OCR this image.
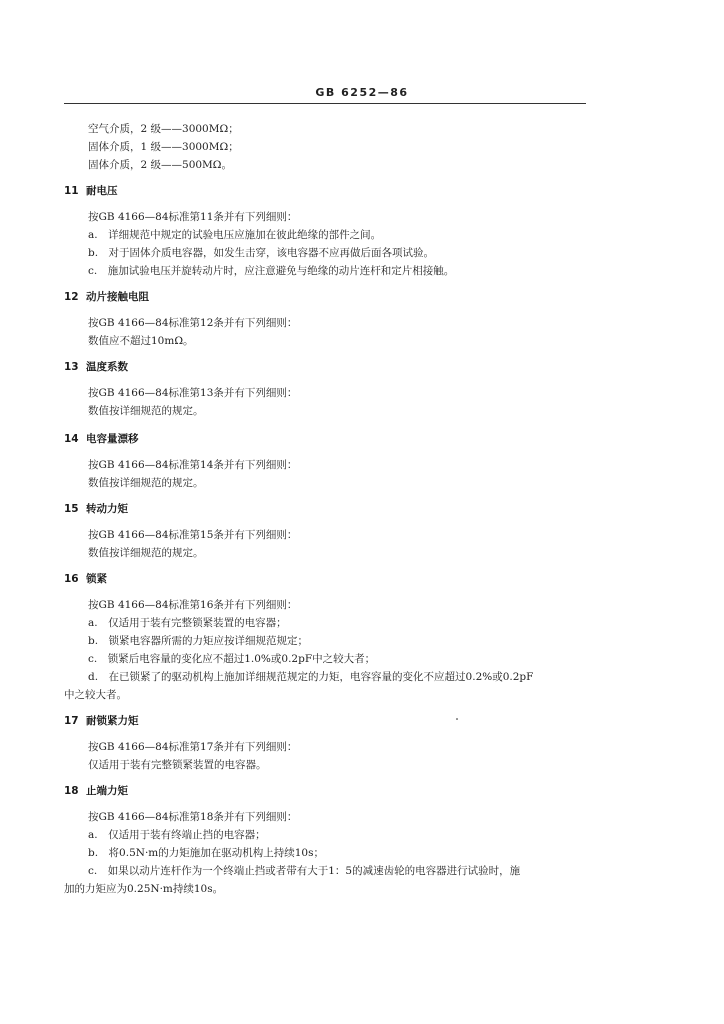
GB 6252—86
空气介质，2 级——3000MΩ；
固体介质，1 级——3000MΩ；
固体介质，2 级——500MΩ。
11 耐电压
按GB 4166—84标准第11条并有下列细则：
a.　详细规范中规定的试验电压应施加在彼此绝缘的部件之间。
b.　对于固体介质电容器，如发生击穿，该电容器不应再做后面各项试验。
c.　施加试验电压并旋转动片时，应注意避免与绝缘的动片连杆和定片相接触。
12 动片接触电阻
按GB 4166—84标准第12条并有下列细则：
数值应不超过10mΩ。
13 温度系数
按GB 4166—84标准第13条并有下列细则：
数值按详细规范的规定。
14 电容量漂移
按GB 4166—84标准第14条并有下列细则：
数值按详细规范的规定。
15 转动力矩
按GB 4166—84标准第15条并有下列细则：
数值按详细规范的规定。
16 锁紧
按GB 4166—84标准第16条并有下列细则：
a.　仅适用于装有完整锁紧装置的电容器；
b.　锁紧电容器所需的力矩应按详细规范规定；
c.　锁紧后电容量的变化应不超过1.0%或0.2pF中之较大者；
d.　在已锁紧了的驱动机构上施加详细规范规定的力矩，电容容量的变化不应超过0.2%或0.2pF
中之较大者。
17 耐锁紧力矩
按GB 4166—84标准第17条并有下列细则：
仅适用于装有完整锁紧装置的电容器。
18 止端力矩
按GB 4166—84标准第18条并有下列细则：
a.　仅适用于装有终端止挡的电容器；
b.　将0.5N·m的力矩施加在驱动机构上持续10s；
c.　如果以动片连杆作为一个终端止挡或者带有大于1：5的减速齿轮的电容器进行试验时，施
加的力矩应为0.25N·m持续10s。
